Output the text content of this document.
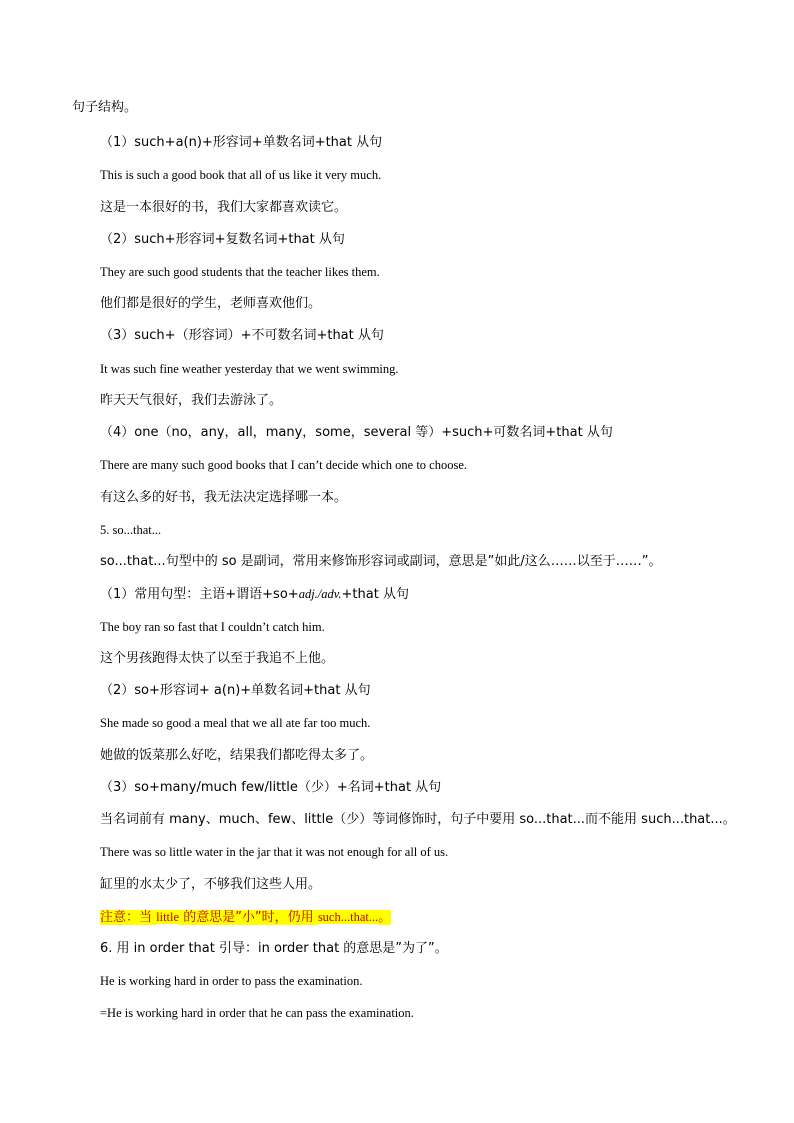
句子结构。
（1）such+a(n)+形容词+单数名词+that 从句
This is such a good book that all of us like it very much.
这是一本很好的书，我们大家都喜欢读它。
（2）such+形容词+复数名词+that 从句
They are such good students that the teacher likes them.
他们都是很好的学生，老师喜欢他们。
（3）such+（形容词）+不可数名词+that 从句
It was such fine weather yesterday that we went swimming.
昨天天气很好，我们去游泳了。
（4）one（no，any，all，many，some，several 等）+such+可数名词+that 从句
There are many such good books that I can’t decide which one to choose.
有这么多的好书，我无法决定选择哪一本。
5. so...that...
so...that...句型中的 so 是副词，常用来修饰形容词或副词，意思是”如此/这么……以至于……”。
（1）常用句型：主语+谓语+so+adj./adv.+that 从句
The boy ran so fast that I couldn’t catch him.
这个男孩跑得太快了以至于我追不上他。
（2）so+形容词+ a(n)+单数名词+that 从句
She made so good a meal that we all ate far too much.
她做的饭菜那么好吃，结果我们都吃得太多了。
（3）so+many/much few/little（少）+名词+that 从句
当名词前有 many、much、few、little（少）等词修饰时，句子中要用 so...that...而不能用 such...that...。
There was so little water in the jar that it was not enough for all of us.
缸里的水太少了，不够我们这些人用。
注意：当 little 的意思是”小”时，仍用 such...that...。
6. 用 in order that 引导：in order that 的意思是”为了”。
He is working hard in order to pass the examination.
=He is working hard in order that he can pass the examination.
